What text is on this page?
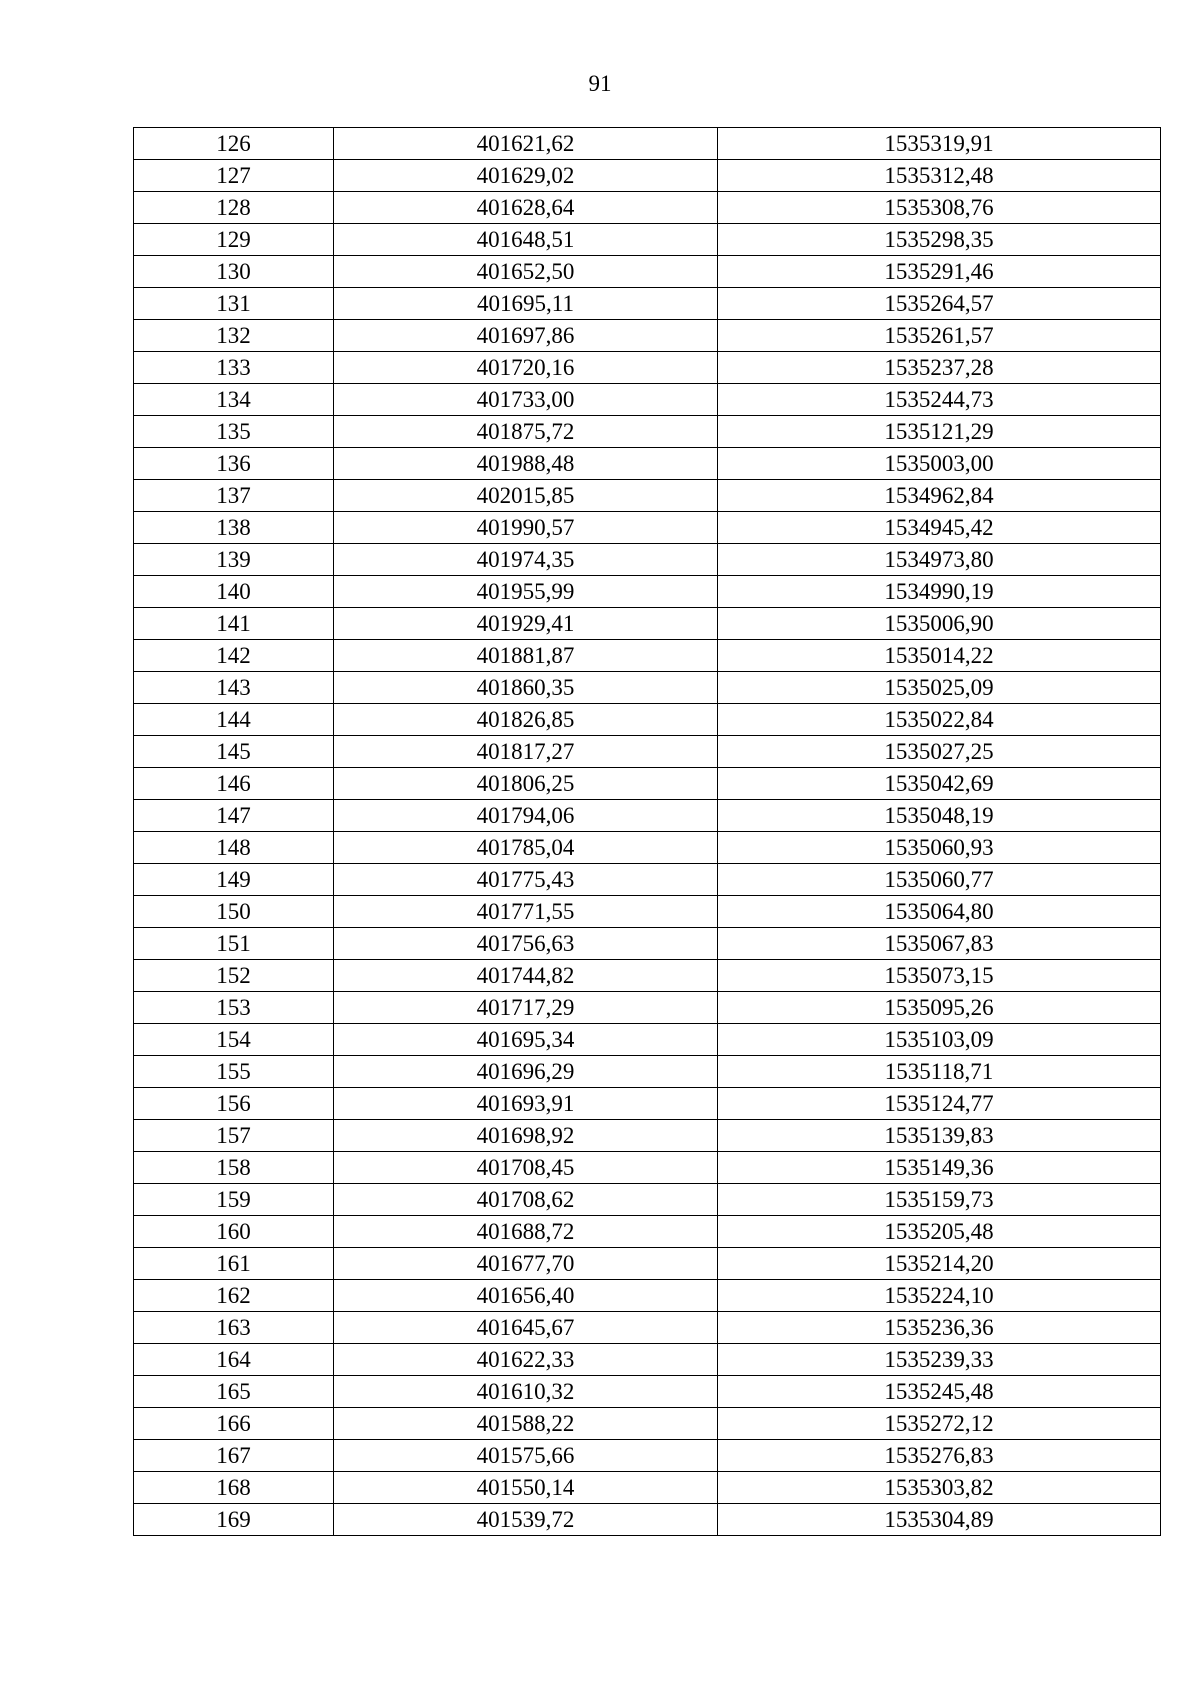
91
126	401621,62	1535319,91
127	401629,02	1535312,48
128	401628,64	1535308,76
129	401648,51	1535298,35
130	401652,50	1535291,46
131	401695,11	1535264,57
132	401697,86	1535261,57
133	401720,16	1535237,28
134	401733,00	1535244,73
135	401875,72	1535121,29
136	401988,48	1535003,00
137	402015,85	1534962,84
138	401990,57	1534945,42
139	401974,35	1534973,80
140	401955,99	1534990,19
141	401929,41	1535006,90
142	401881,87	1535014,22
143	401860,35	1535025,09
144	401826,85	1535022,84
145	401817,27	1535027,25
146	401806,25	1535042,69
147	401794,06	1535048,19
148	401785,04	1535060,93
149	401775,43	1535060,77
150	401771,55	1535064,80
151	401756,63	1535067,83
152	401744,82	1535073,15
153	401717,29	1535095,26
154	401695,34	1535103,09
155	401696,29	1535118,71
156	401693,91	1535124,77
157	401698,92	1535139,83
158	401708,45	1535149,36
159	401708,62	1535159,73
160	401688,72	1535205,48
161	401677,70	1535214,20
162	401656,40	1535224,10
163	401645,67	1535236,36
164	401622,33	1535239,33
165	401610,32	1535245,48
166	401588,22	1535272,12
167	401575,66	1535276,83
168	401550,14	1535303,82
169	401539,72	1535304,89
